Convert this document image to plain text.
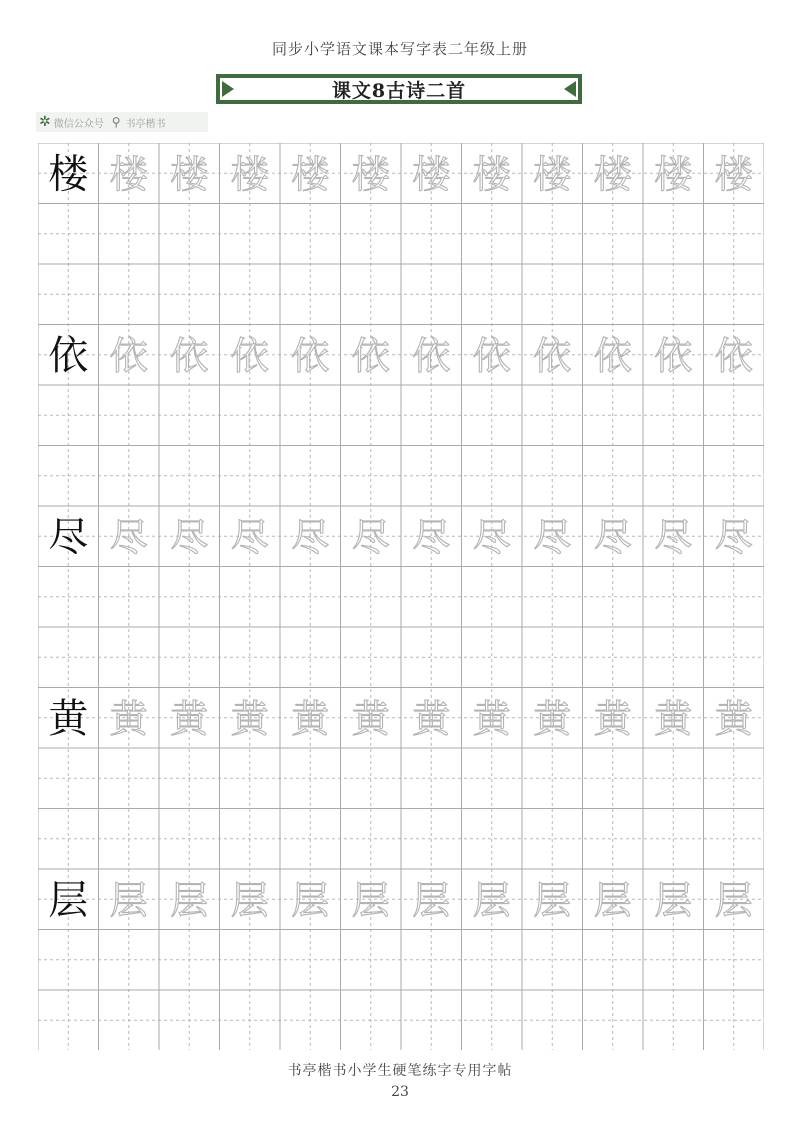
同步小学语文课本写字表二年级上册
课文8古诗二首
✲ 微信公众号 ⚲ 书亭楷书
楼 楼 楼 楼 楼 楼 楼 楼 楼 楼 楼 楼
依 依 依 依 依 依 依 依 依 依 依 依
尽 尽 尽 尽 尽 尽 尽 尽 尽 尽 尽 尽
黄 黄 黄 黄 黄 黄 黄 黄 黄 黄 黄 黄
层 层 层 层 层 层 层 层 层 层 层 层
书亭楷书小学生硬笔练字专用字帖
23
